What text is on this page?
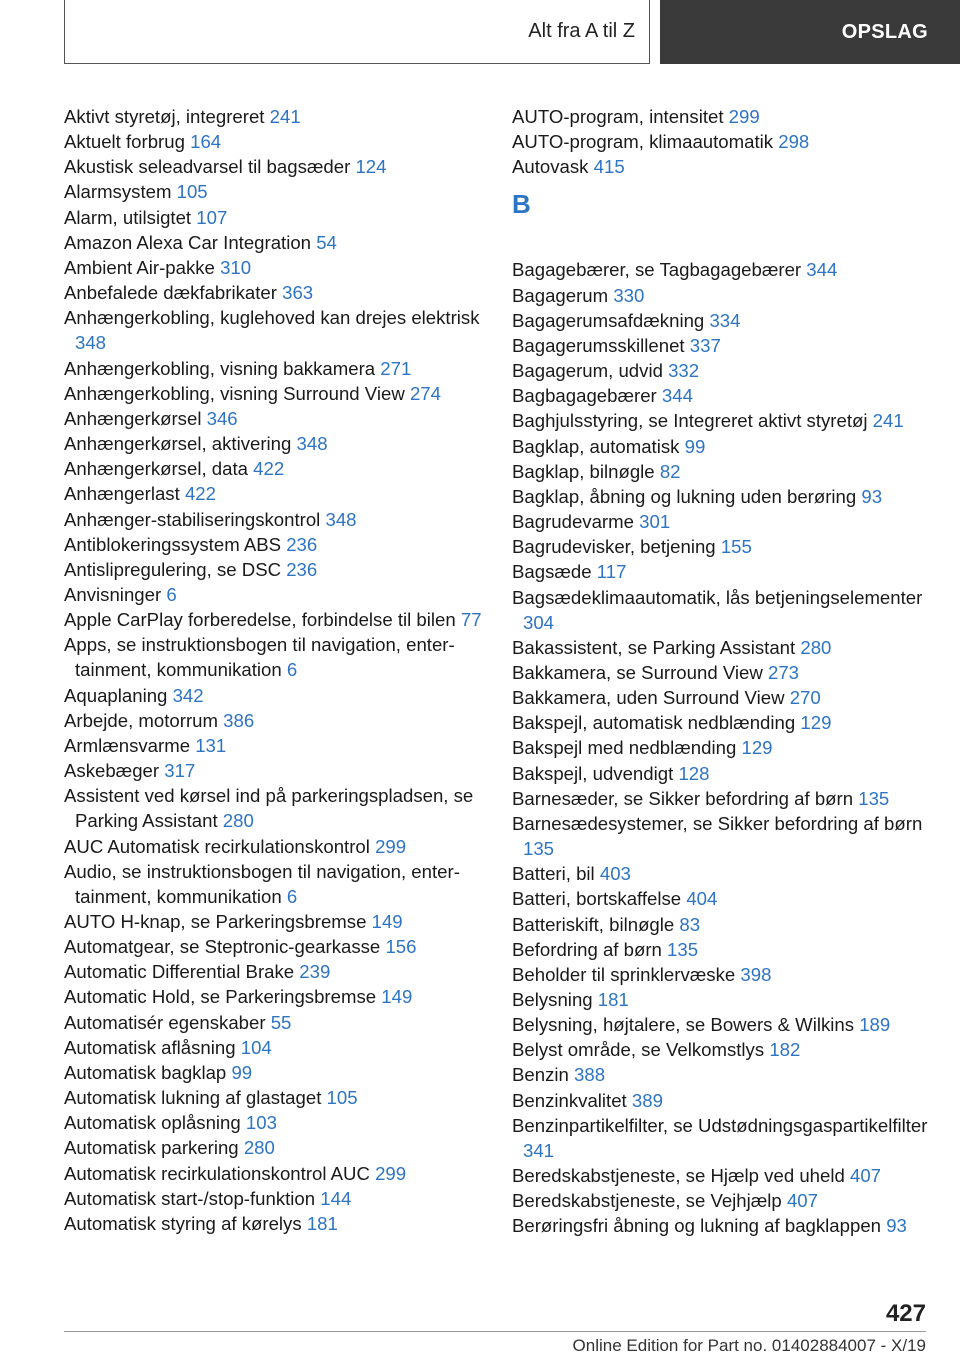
Alt fra A til Z	OPSLAG
Aktivt styretøj, integreret 241
Aktuelt forbrug 164
Akustisk seleadvarsel til bagsæder 124
Alarmsystem 105
Alarm, utilsigtet 107
Amazon Alexa Car Integration 54
Ambient Air-pakke 310
Anbefalede dækfabrikater 363
Anhængerkobling, kuglehoved kan drejes elektrisk 348
Anhængerkobling, visning bakkamera 271
Anhængerkobling, visning Surround View 274
Anhængerkørsel 346
Anhængerkørsel, aktivering 348
Anhængerkørsel, data 422
Anhængerlast 422
Anhænger-stabiliseringskontrol 348
Antiblokeringssystem ABS 236
Antislipregulering, se DSC 236
Anvisninger 6
Apple CarPlay forberedelse, forbindelse til bilen 77
Apps, se instruktionsbogen til navigation, entertainment, kommunikation 6
Aquaplaning 342
Arbejde, motorrum 386
Armlænsvarme 131
Askebæger 317
Assistent ved kørsel ind på parkeringspladsen, se Parking Assistant 280
AUC Automatisk recirkulationskontrol 299
Audio, se instruktionsbogen til navigation, entertainment, kommunikation 6
AUTO H-knap, se Parkeringsbremse 149
Automatgear, se Steptronic-gearkasse 156
Automatic Differential Brake 239
Automatic Hold, se Parkeringsbremse 149
Automatisér egenskaber 55
Automatisk aflåsning 104
Automatisk bagklap 99
Automatisk lukning af glastaget 105
Automatisk oplåsning 103
Automatisk parkering 280
Automatisk recirkulationskontrol AUC 299
Automatisk start-/stop-funktion 144
Automatisk styring af kørelys 181
AUTO-program, intensitet 299
AUTO-program, klimaautomatik 298
Autovask 415
B
Bagagebærer, se Tagbagagebærer 344
Bagagerum 330
Bagagerumsafdækning 334
Bagagerumsskillenet 337
Bagagerum, udvid 332
Bagbagagebærer 344
Baghjulsstyring, se Integreret aktivt styretøj 241
Bagklap, automatisk 99
Bagklap, bilnøgle 82
Bagklap, åbning og lukning uden berøring 93
Bagrudevarme 301
Bagrudevisker, betjening 155
Bagsæde 117
Bagsædeklimaautomatik, lås betjeningselementer 304
Bakassistent, se Parking Assistant 280
Bakkamera, se Surround View 273
Bakkamera, uden Surround View 270
Bakspejl, automatisk nedblænding 129
Bakspejl med nedblænding 129
Bakspejl, udvendigt 128
Barnesæder, se Sikker befordring af børn 135
Barnesædesystemer, se Sikker befordring af børn 135
Batteri, bil 403
Batteri, bortskaffelse 404
Batteriskift, bilnøgle 83
Befordring af børn 135
Beholder til sprinklervæske 398
Belysning 181
Belysning, højtalere, se Bowers & Wilkins 189
Belyst område, se Velkomstlys 182
Benzin 388
Benzinkvalitet 389
Benzinpartikelfilter, se Udstødningsgaspartikelfilter 341
Beredskabstjeneste, se Hjælp ved uheld 407
Beredskabstjeneste, se Vejhjælp 407
Berøringsfri åbning og lukning af bagklappen 93
427
Online Edition for Part no. 01402884007 - X/19
